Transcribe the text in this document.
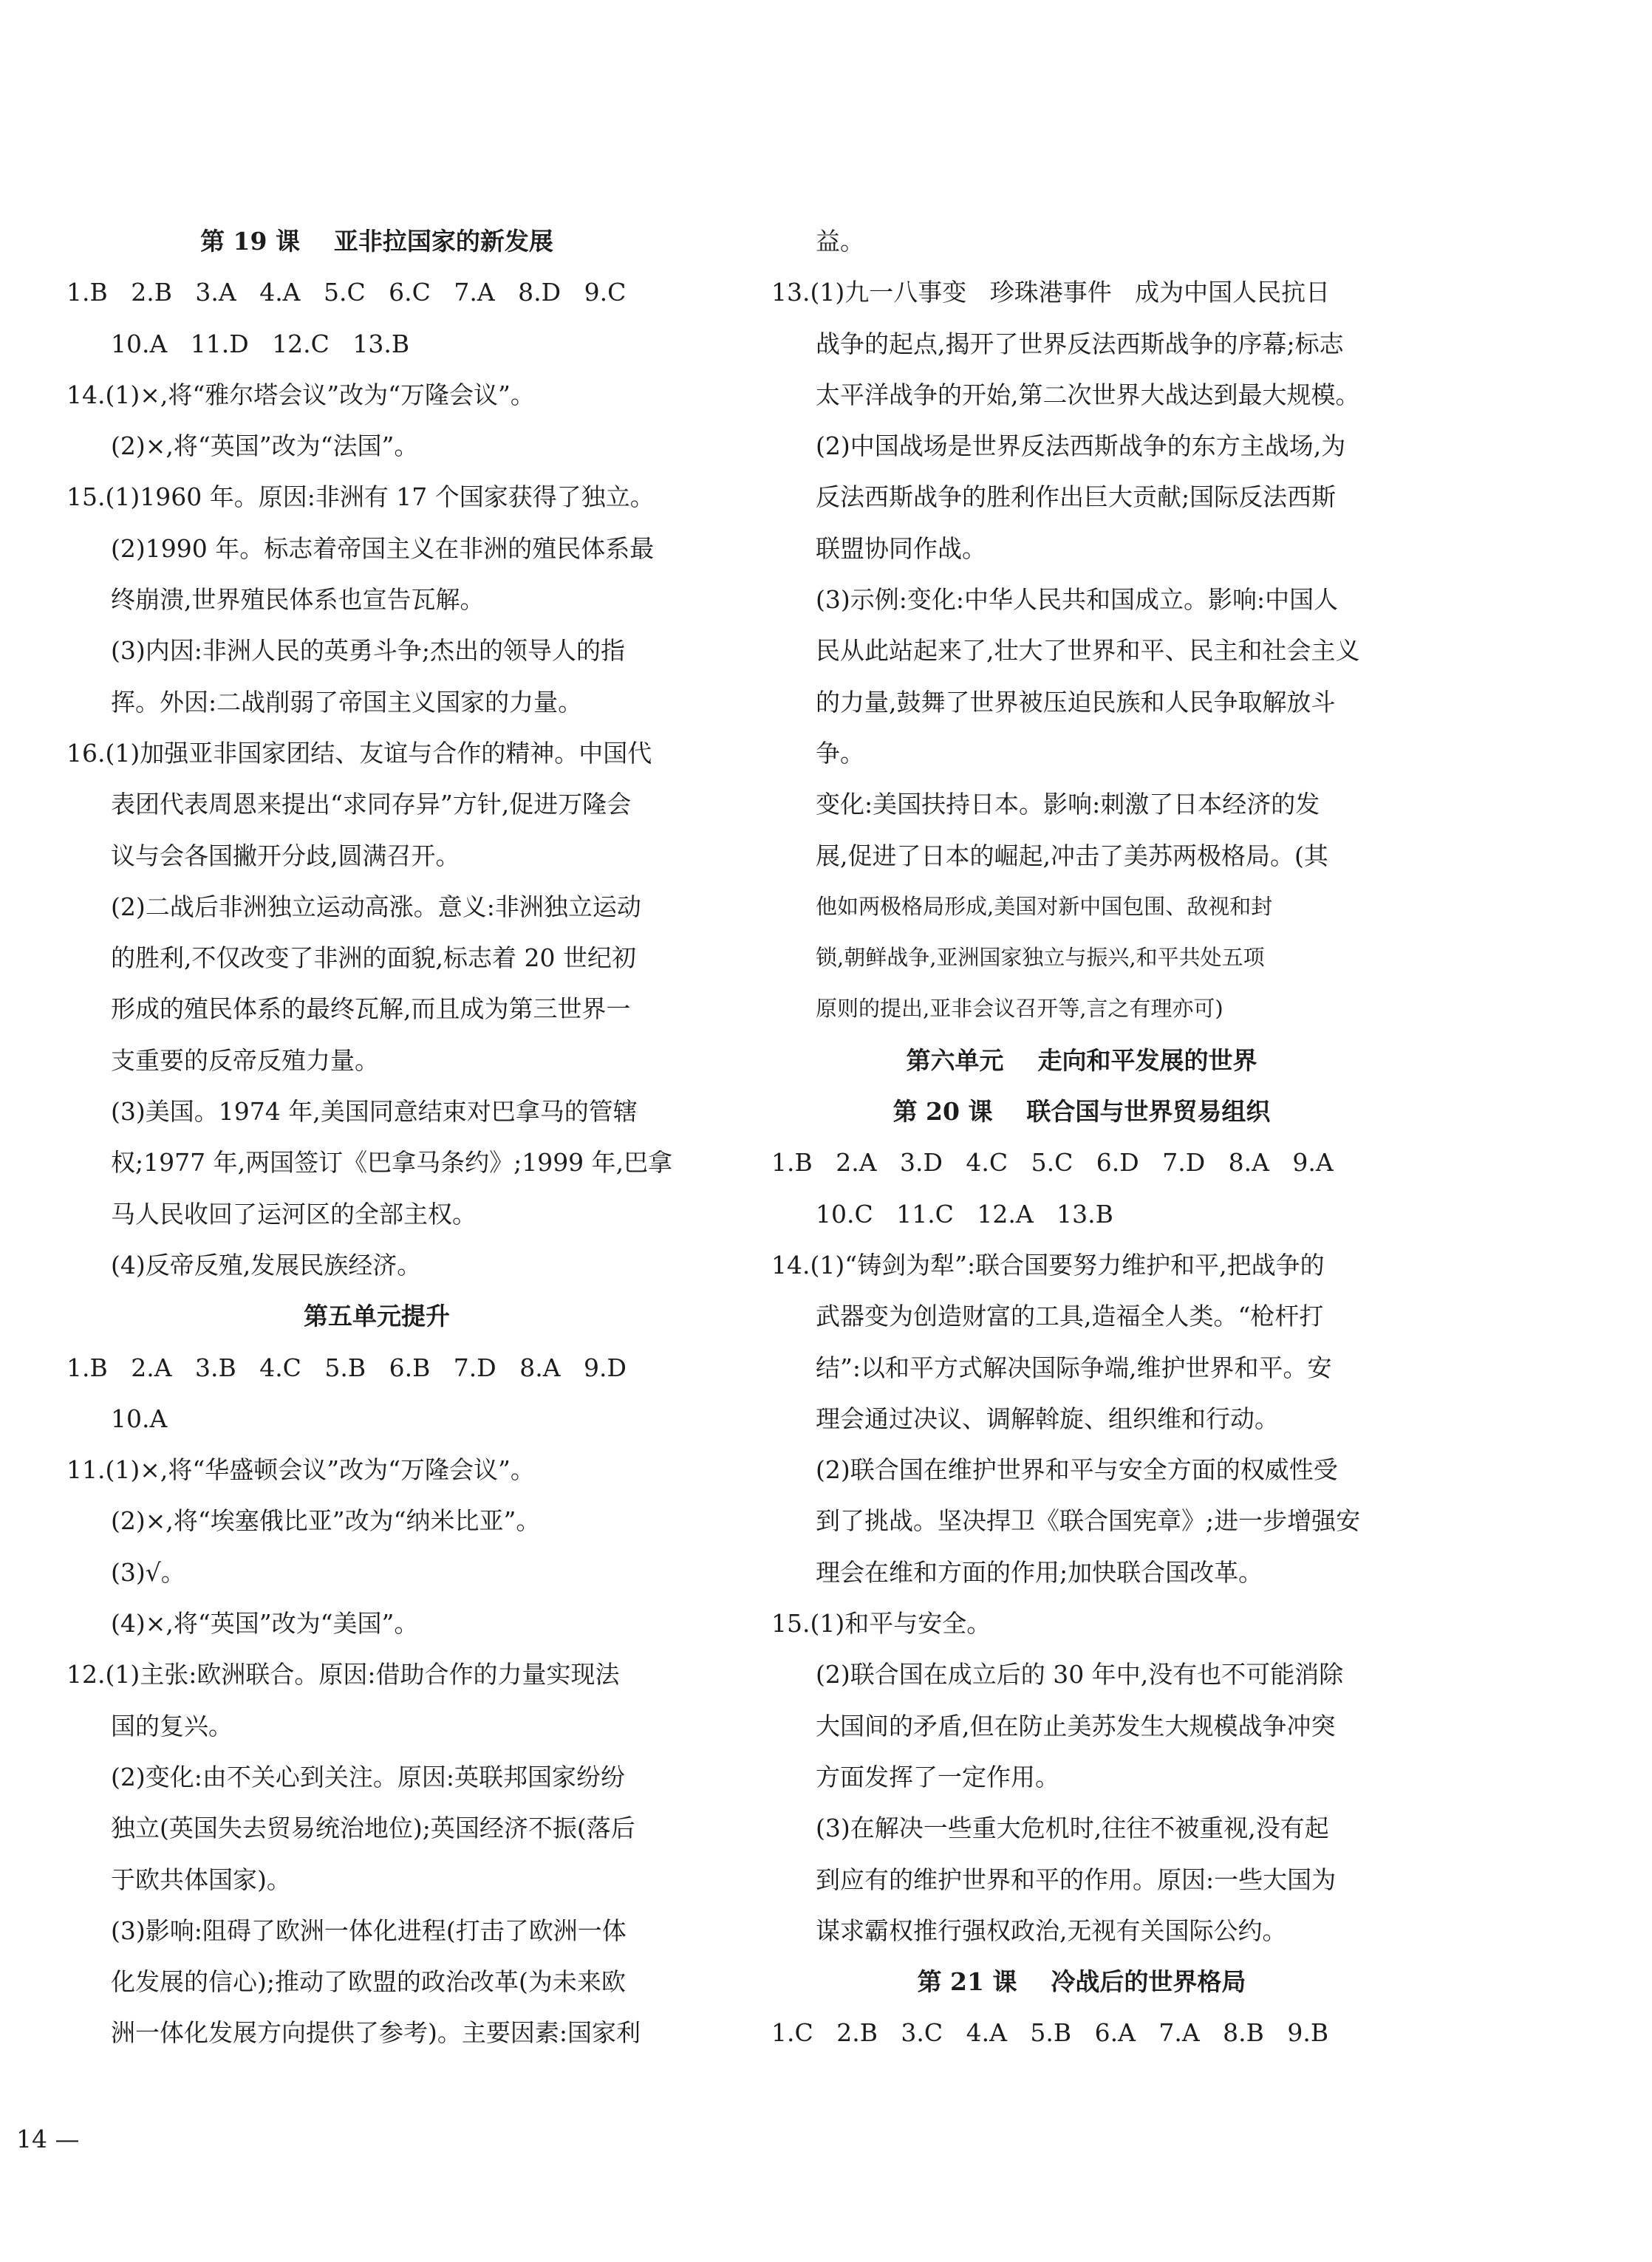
第 19 课    亚非拉国家的新发展
1.B   2.B   3.A   4.A   5.C   6.C   7.A   8.D   9.C
10.A   11.D   12.C   13.B
14.(1)×,将“雅尔塔会议”改为“万隆会议”。
(2)×,将“英国”改为“法国”。
15.(1)1960 年。原因:非洲有 17 个国家获得了独立。
(2)1990 年。标志着帝国主义在非洲的殖民体系最
终崩溃,世界殖民体系也宣告瓦解。
(3)内因:非洲人民的英勇斗争;杰出的领导人的指
挥。外因:二战削弱了帝国主义国家的力量。
16.(1)加强亚非国家团结、友谊与合作的精神。中国代
表团代表周恩来提出“求同存异”方针,促进万隆会
议与会各国撇开分歧,圆满召开。
(2)二战后非洲独立运动高涨。意义:非洲独立运动
的胜利,不仅改变了非洲的面貌,标志着 20 世纪初
形成的殖民体系的最终瓦解,而且成为第三世界一
支重要的反帝反殖力量。
(3)美国。1974 年,美国同意结束对巴拿马的管辖
权;1977 年,两国签订《巴拿马条约》;1999 年,巴拿
马人民收回了运河区的全部主权。
(4)反帝反殖,发展民族经济。
第五单元提升
1.B   2.A   3.B   4.C   5.B   6.B   7.D   8.A   9.D
10.A
11.(1)×,将“华盛顿会议”改为“万隆会议”。
(2)×,将“埃塞俄比亚”改为“纳米比亚”。
(3)√。
(4)×,将“英国”改为“美国”。
12.(1)主张:欧洲联合。原因:借助合作的力量实现法
国的复兴。
(2)变化:由不关心到关注。原因:英联邦国家纷纷
独立(英国失去贸易统治地位);英国经济不振(落后
于欧共体国家)。
(3)影响:阻碍了欧洲一体化进程(打击了欧洲一体
化发展的信心);推动了欧盟的政治改革(为未来欧
洲一体化发展方向提供了参考)。主要因素:国家利
益。
13.(1)九一八事变   珍珠港事件   成为中国人民抗日
战争的起点,揭开了世界反法西斯战争的序幕;标志
太平洋战争的开始,第二次世界大战达到最大规模。
(2)中国战场是世界反法西斯战争的东方主战场,为
反法西斯战争的胜利作出巨大贡献;国际反法西斯
联盟协同作战。
(3)示例:变化:中华人民共和国成立。影响:中国人
民从此站起来了,壮大了世界和平、民主和社会主义
的力量,鼓舞了世界被压迫民族和人民争取解放斗
争。
变化:美国扶持日本。影响:刺激了日本经济的发
展,促进了日本的崛起,冲击了美苏两极格局。(其
他如两极格局形成,美国对新中国包围、敌视和封
锁,朝鲜战争,亚洲国家独立与振兴,和平共处五项
原则的提出,亚非会议召开等,言之有理亦可)
第六单元    走向和平发展的世界
第 20 课    联合国与世界贸易组织
1.B   2.A   3.D   4.C   5.C   6.D   7.D   8.A   9.A
10.C   11.C   12.A   13.B
14.(1)“铸剑为犁”:联合国要努力维护和平,把战争的
武器变为创造财富的工具,造福全人类。“枪杆打
结”:以和平方式解决国际争端,维护世界和平。安
理会通过决议、调解斡旋、组织维和行动。
(2)联合国在维护世界和平与安全方面的权威性受
到了挑战。坚决捍卫《联合国宪章》;进一步增强安
理会在维和方面的作用;加快联合国改革。
15.(1)和平与安全。
(2)联合国在成立后的 30 年中,没有也不可能消除
大国间的矛盾,但在防止美苏发生大规模战争冲突
方面发挥了一定作用。
(3)在解决一些重大危机时,往往不被重视,没有起
到应有的维护世界和平的作用。原因:一些大国为
谋求霸权推行强权政治,无视有关国际公约。
第 21 课    冷战后的世界格局
1.C   2.B   3.C   4.A   5.B   6.A   7.A   8.B   9.B
14 —
